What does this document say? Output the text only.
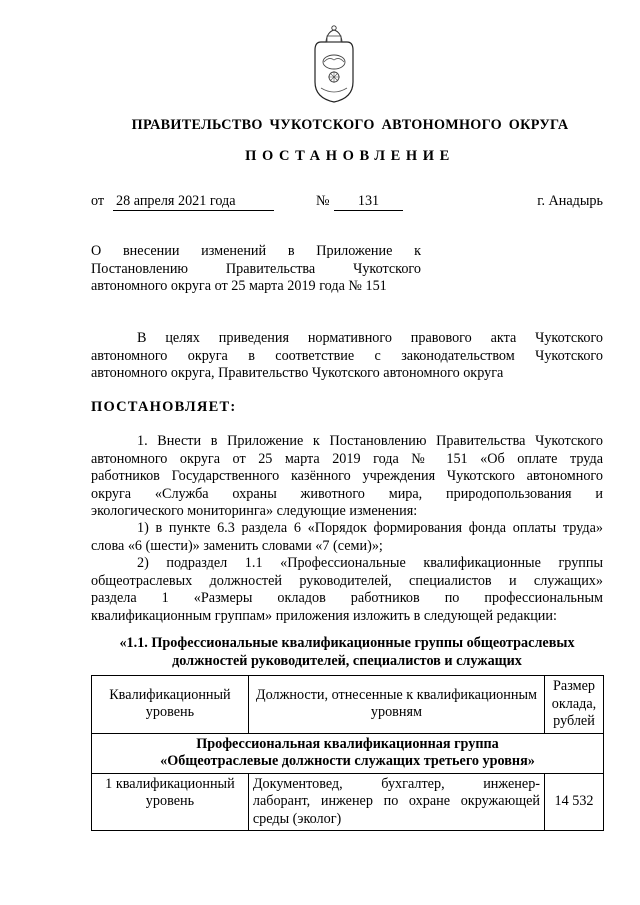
ПРАВИТЕЛЬСТВО ЧУКОТСКОГО АВТОНОМНОГО ОКРУГА
ПОСТАНОВЛЕНИЕ
от 28 апреля 2021 года	№	131	г. Анадырь
О внесении изменений в Приложение к
Постановлению Правительства Чукотского
автономного округа от 25 марта 2019 года № 151
В целях приведения нормативного правового акта Чукотского
автономного округа в соответствие с законодательством Чукотского
автономного округа, Правительство Чукотского автономного округа
ПОСТАНОВЛЯЕТ:
1. Внести в Приложение к Постановлению Правительства Чукотского
автономного округа от 25 марта 2019 года № 151 «Об оплате труда
работников Государственного казённого учреждения Чукотского автономного
округа «Служба охраны животного мира, природопользования и
экологического мониторинга» следующие изменения:
1) в пункте 6.3 раздела 6 «Порядок формирования фонда оплаты труда»
слова «6 (шести)» заменить словами «7 (семи)»;
2) подраздел 1.1 «Профессиональные квалификационные группы
общеотраслевых должностей руководителей, специалистов и служащих»
раздела 1 «Размеры окладов работников по профессиональным
квалификационным группам» приложения изложить в следующей редакции:
«1.1. Профессиональные квалификационные группы общеотраслевых
должностей руководителей, специалистов и служащих
Квалификационный уровень	Должности, отнесенные к квалификационным уровням	Размер оклада, рублей

Профессиональная квалификационная группа
«Общеотраслевые должности служащих третьего уровня»		

1 квалификационный уровень	Документовед, бухгалтер, инженер-
лаборант, инженер по охране окружающей
среды (эколог)	14 532
